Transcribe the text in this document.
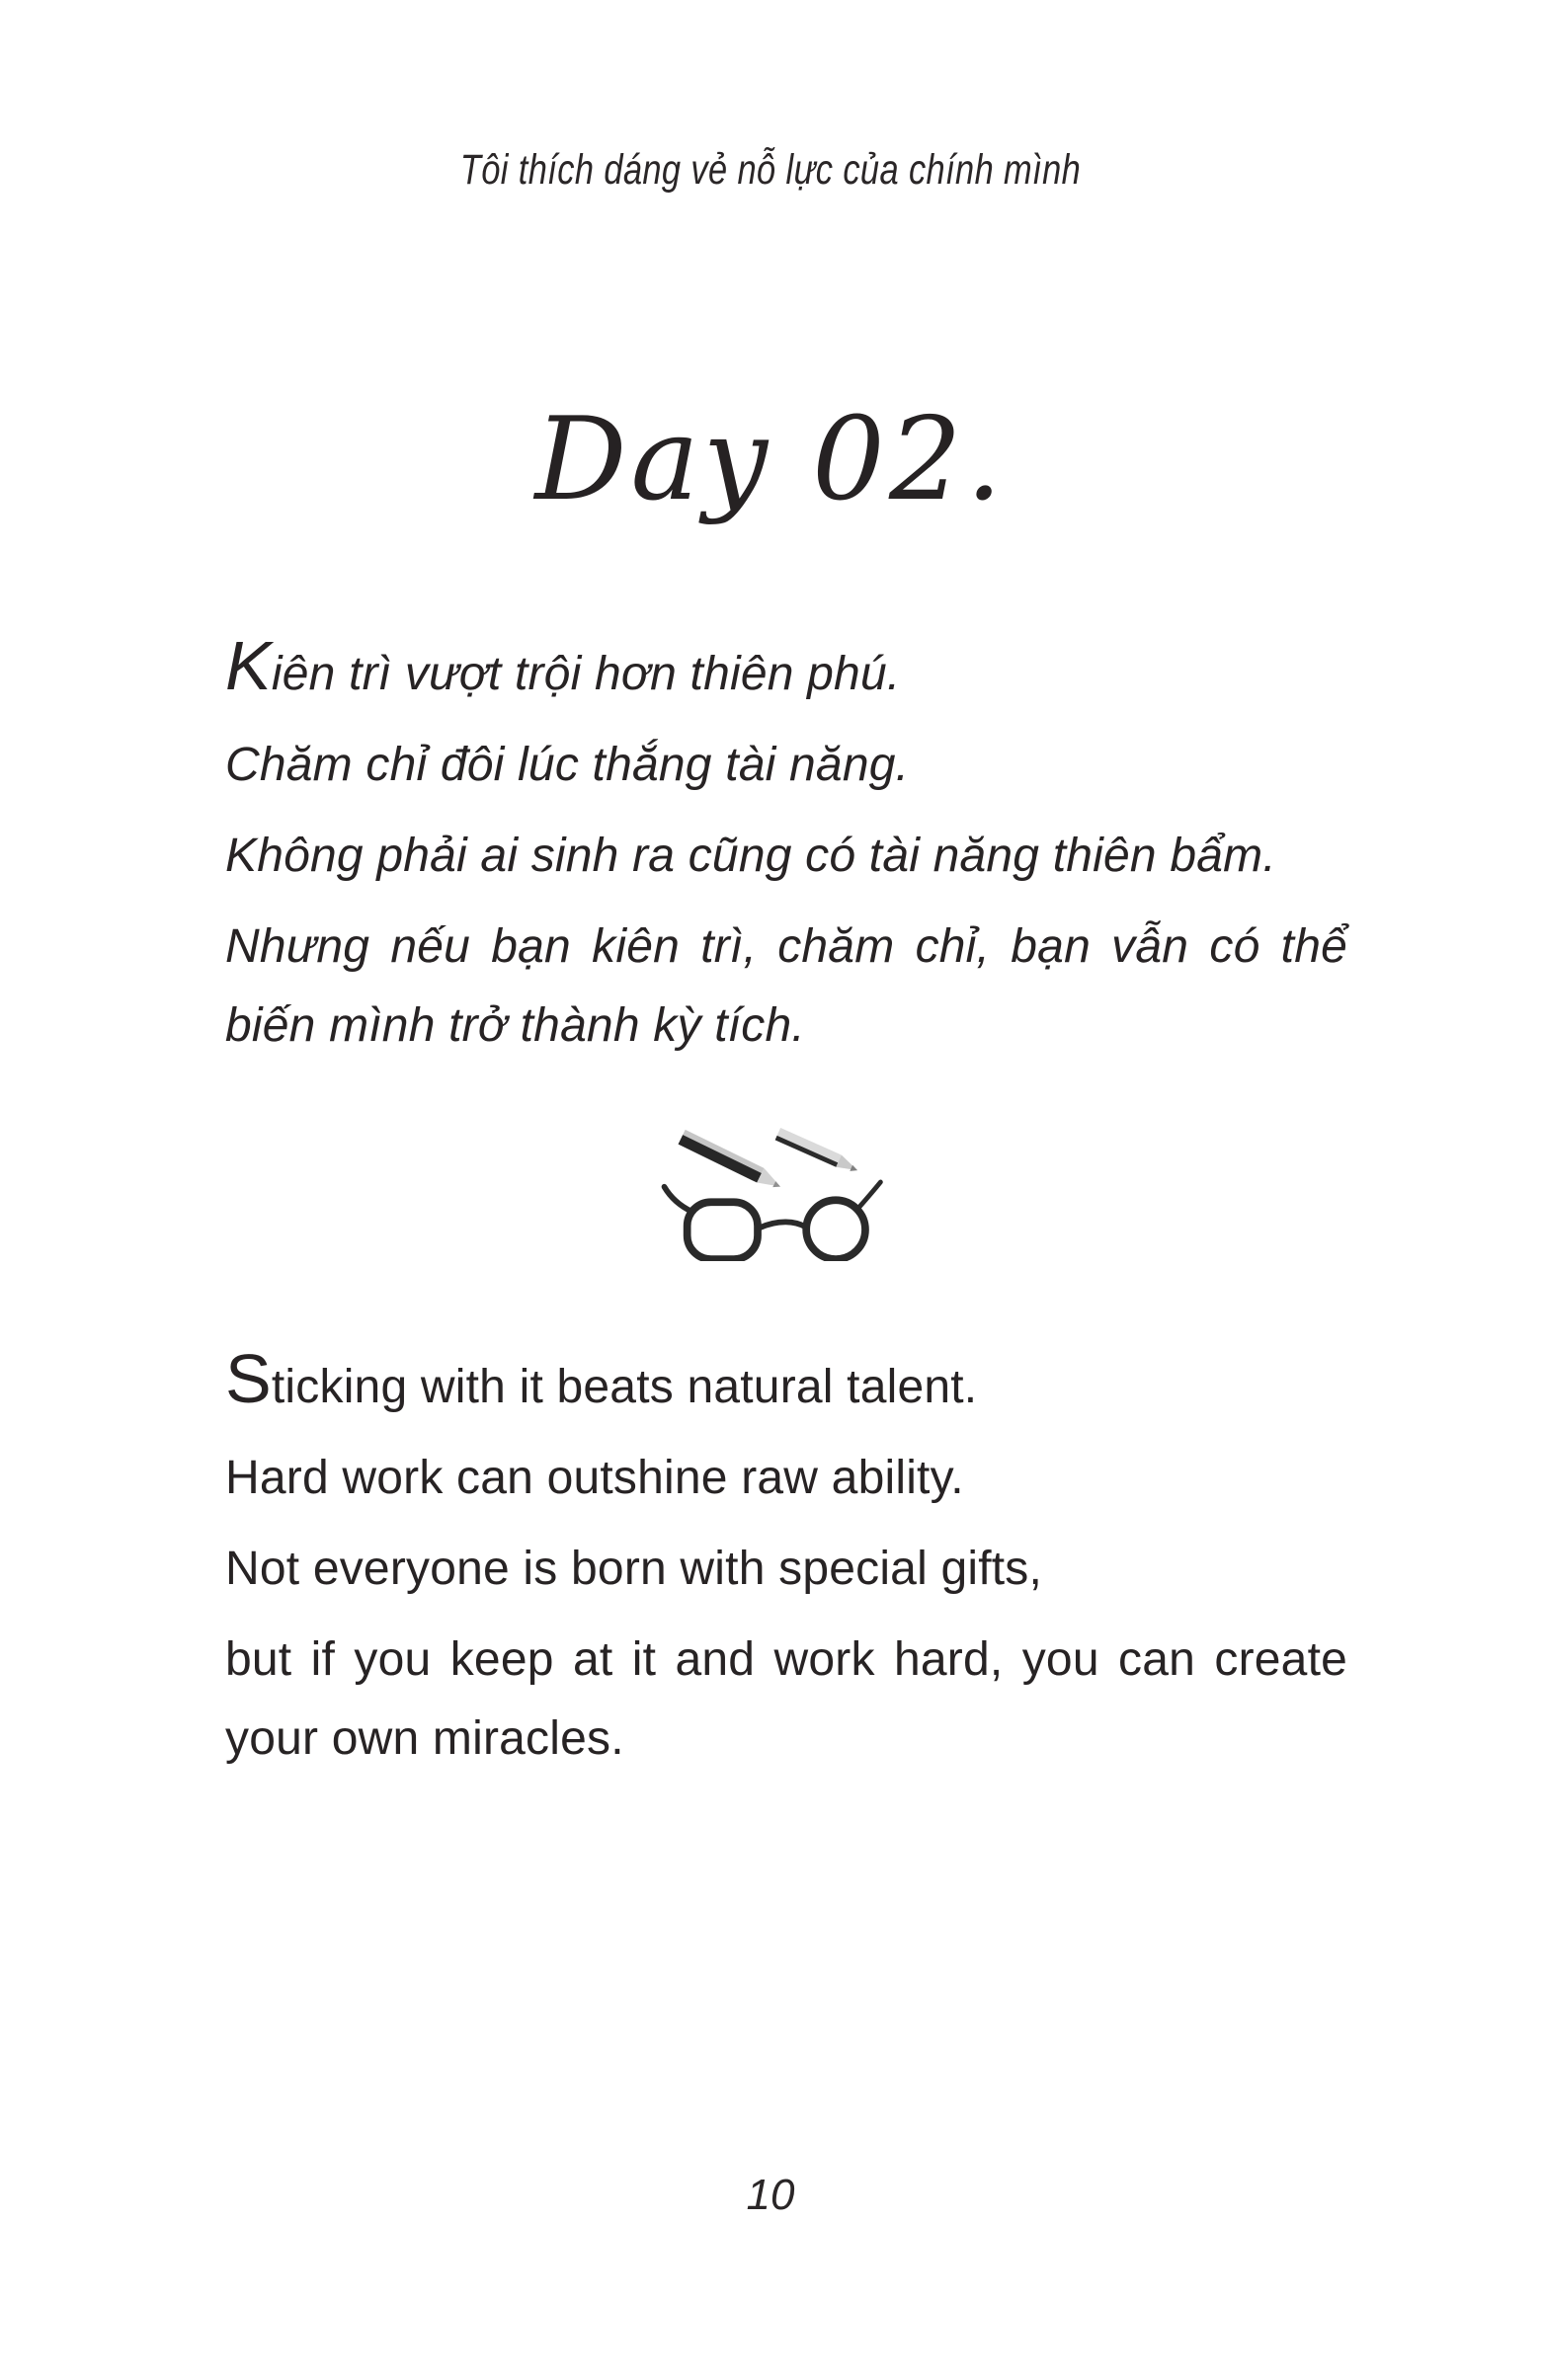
Tôi thích dáng vẻ nỗ lực của chính mình
Day 02.

Kiên trì vượt trội hơn thiên phú.

Chăm chỉ đôi lúc thắng tài năng.

Không phải ai sinh ra cũng có tài năng thiên bẩm.

Nhưng nếu bạn kiên trì, chăm chỉ, bạn vẫn có thể
biến mình trở thành kỳ tích.

Sticking with it beats natural talent.

Hard work can outshine raw ability.

Not everyone is born with special gifts,

but if you keep at it and work hard, you can create
your own miracles.

10
